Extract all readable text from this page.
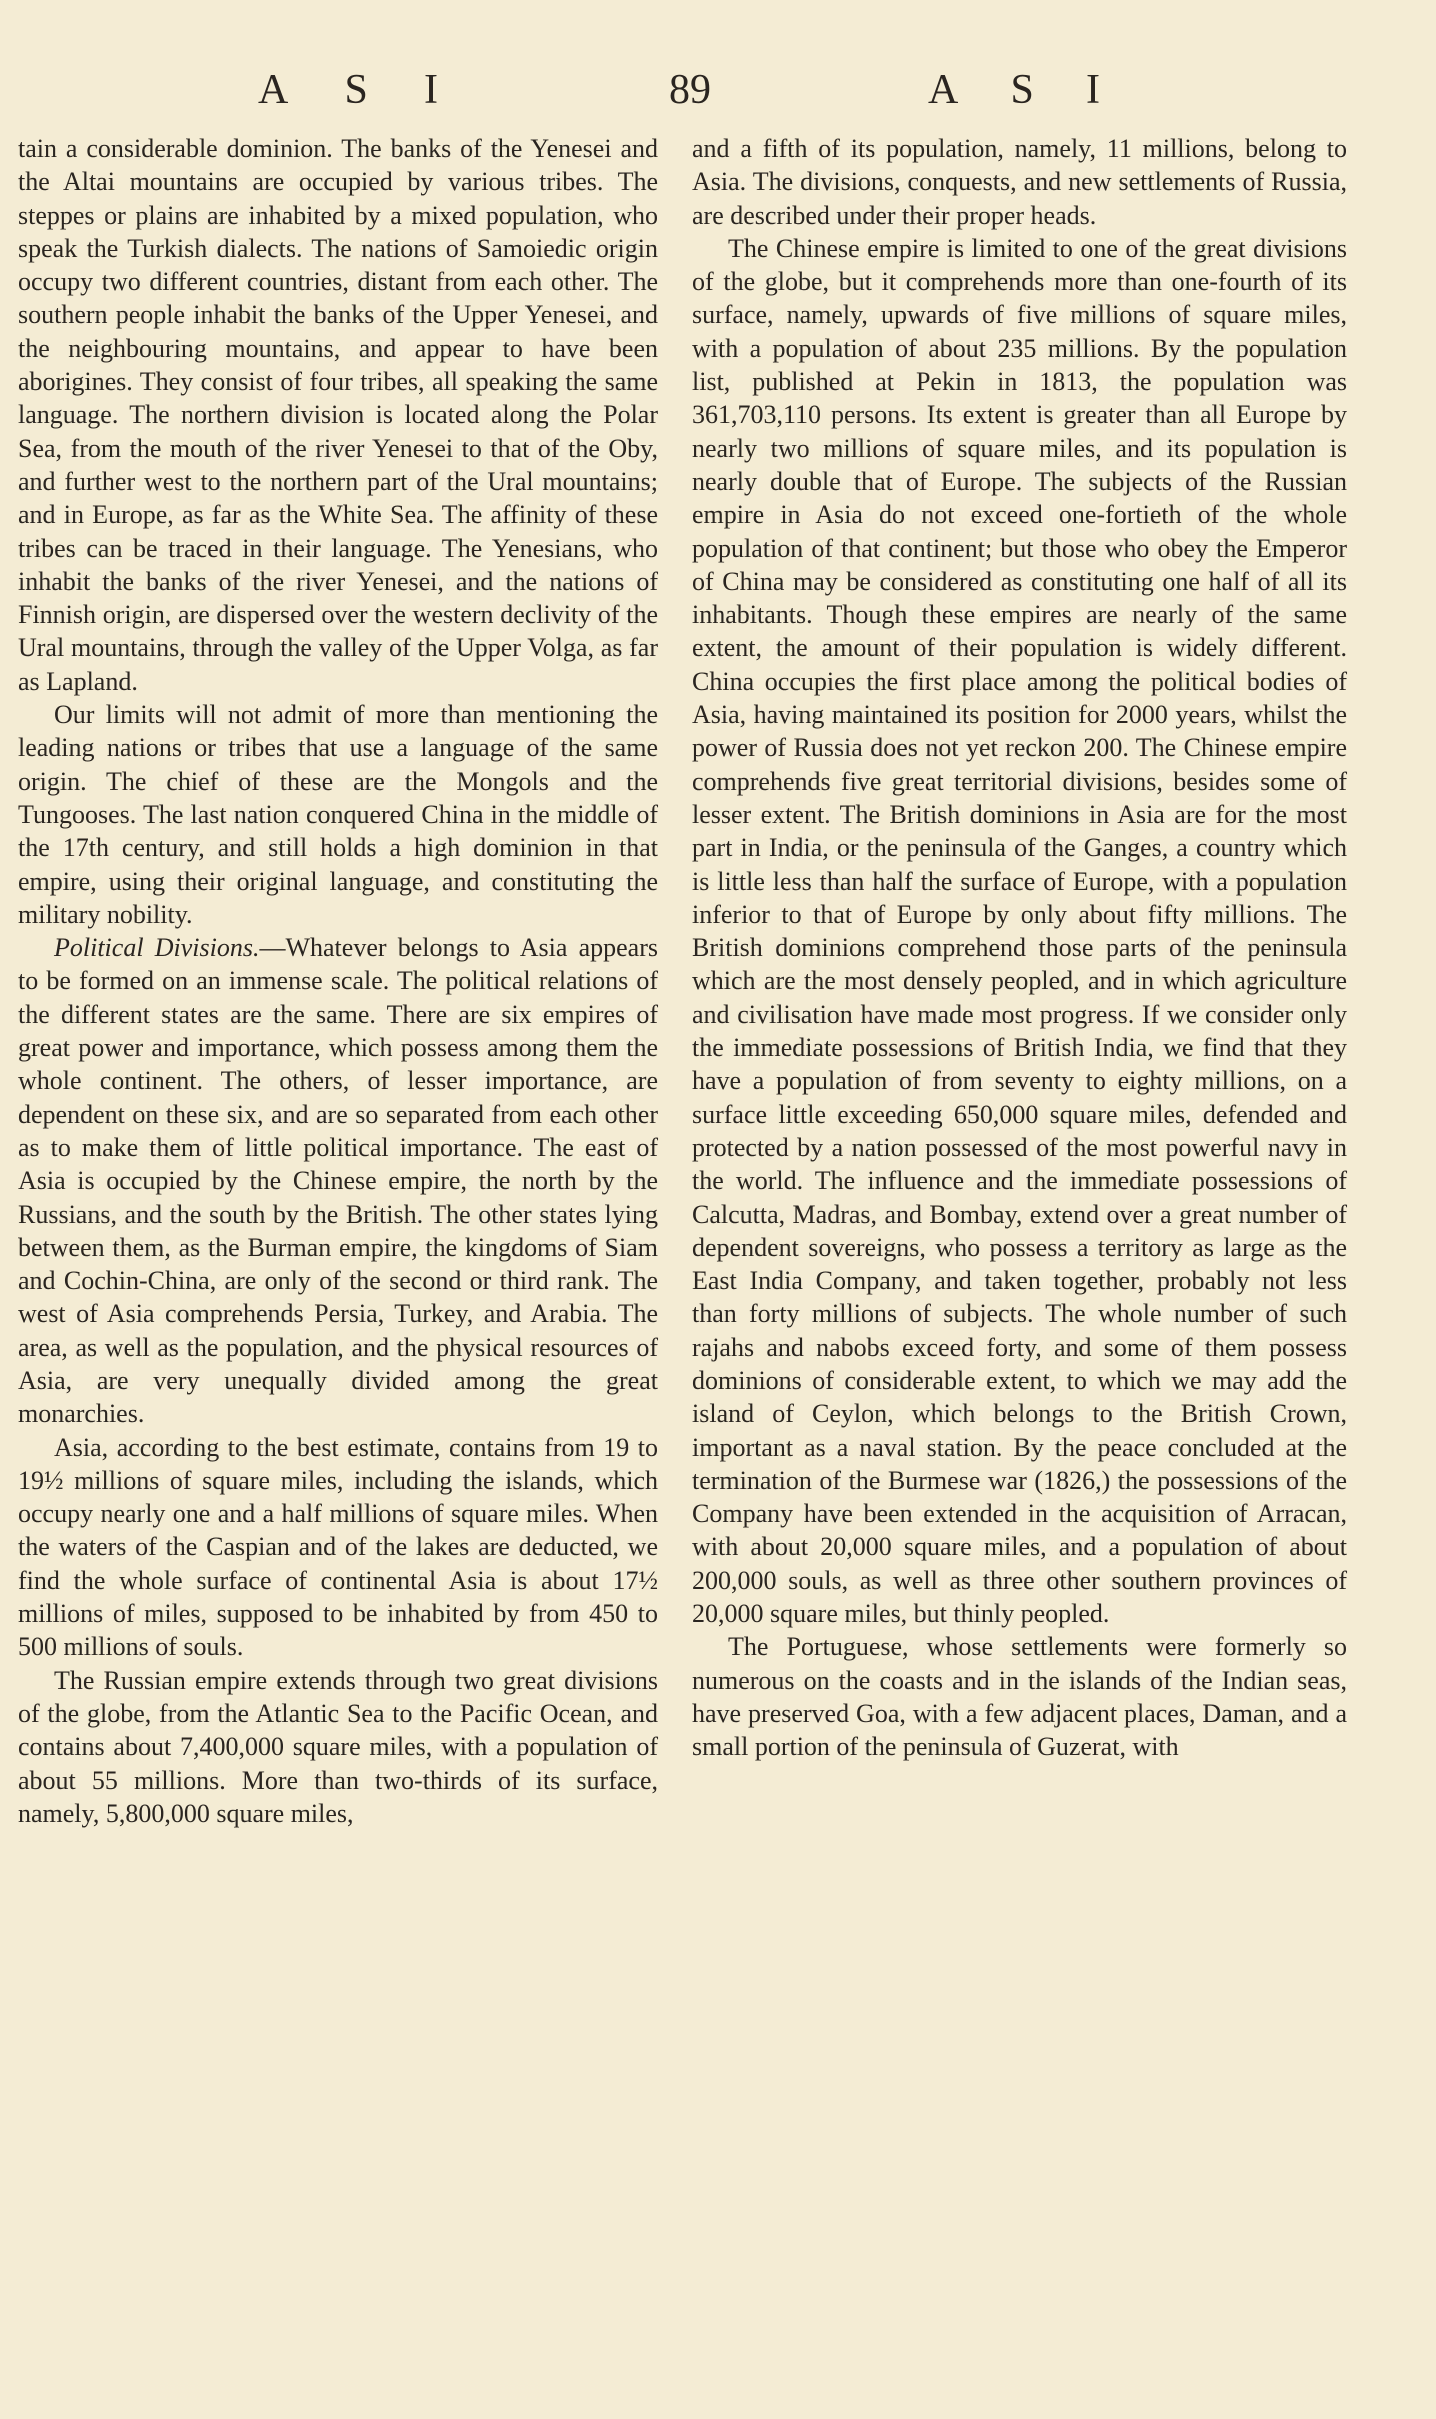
A S I	89	A S I

tain a considerable dominion. The banks of the Yenesei and the Altai mountains are occupied by various tribes. The steppes or plains are inhabited by a mixed population, who speak the Turkish dialects. The nations of Samoiedic origin occupy two different countries, distant from each other. The southern people inhabit the banks of the Upper Yenesei, and the neighbouring mountains, and appear to have been aborigines. They consist of four tribes, all speaking the same language. The northern division is located along the Polar Sea, from the mouth of the river Yenesei to that of the Oby, and further west to the northern part of the Ural mountains; and in Europe, as far as the White Sea. The affinity of these tribes can be traced in their language. The Yenesians, who inhabit the banks of the river Yenesei, and the nations of Finnish origin, are dispersed over the western declivity of the Ural mountains, through the valley of the Upper Volga, as far as Lapland.

Our limits will not admit of more than mentioning the leading nations or tribes that use a language of the same origin. The chief of these are the Mongols and the Tungooses. The last nation conquered China in the middle of the 17th century, and still holds a high dominion in that empire, using their original language, and constituting the military nobility.

Political Divisions.—Whatever belongs to Asia appears to be formed on an immense scale. The political relations of the different states are the same. There are six empires of great power and importance, which possess among them the whole continent. The others, of lesser importance, are dependent on these six, and are so separated from each other as to make them of little political importance. The east of Asia is occupied by the Chinese empire, the north by the Russians, and the south by the British. The other states lying between them, as the Burman empire, the kingdoms of Siam and Cochin-China, are only of the second or third rank. The west of Asia comprehends Persia, Turkey, and Arabia. The area, as well as the population, and the physical resources of Asia, are very unequally divided among the great monarchies.

Asia, according to the best estimate, contains from 19 to 19½ millions of square miles, including the islands, which occupy nearly one and a half millions of square miles. When the waters of the Caspian and of the lakes are deducted, we find the whole surface of continental Asia is about 17½ millions of miles, supposed to be inhabited by from 450 to 500 millions of souls.

The Russian empire extends through two great divisions of the globe, from the Atlantic Sea to the Pacific Ocean, and contains about 7,400,000 square miles, with a population of about 55 millions. More than two-thirds of its surface, namely, 5,800,000 square miles,

and a fifth of its population, namely, 11 millions, belong to Asia. The divisions, conquests, and new settlements of Russia, are described under their proper heads.

The Chinese empire is limited to one of the great divisions of the globe, but it comprehends more than one-fourth of its surface, namely, upwards of five millions of square miles, with a population of about 235 millions. By the population list, published at Pekin in 1813, the population was 361,703,110 persons. Its extent is greater than all Europe by nearly two millions of square miles, and its population is nearly double that of Europe. The subjects of the Russian empire in Asia do not exceed one-fortieth of the whole population of that continent; but those who obey the Emperor of China may be considered as constituting one half of all its inhabitants. Though these empires are nearly of the same extent, the amount of their population is widely different. China occupies the first place among the political bodies of Asia, having maintained its position for 2000 years, whilst the power of Russia does not yet reckon 200. The Chinese empire comprehends five great territorial divisions, besides some of lesser extent. The British dominions in Asia are for the most part in India, or the peninsula of the Ganges, a country which is little less than half the surface of Europe, with a population inferior to that of Europe by only about fifty millions. The British dominions comprehend those parts of the peninsula which are the most densely peopled, and in which agriculture and civilisation have made most progress. If we consider only the immediate possessions of British India, we find that they have a population of from seventy to eighty millions, on a surface little exceeding 650,000 square miles, defended and protected by a nation possessed of the most powerful navy in the world. The influence and the immediate possessions of Calcutta, Madras, and Bombay, extend over a great number of dependent sovereigns, who possess a territory as large as the East India Company, and taken together, probably not less than forty millions of subjects. The whole number of such rajahs and nabobs exceed forty, and some of them possess dominions of considerable extent, to which we may add the island of Ceylon, which belongs to the British Crown, important as a naval station. By the peace concluded at the termination of the Burmese war (1826,) the possessions of the Company have been extended in the acquisition of Arracan, with about 20,000 square miles, and a population of about 200,000 souls, as well as three other southern provinces of 20,000 square miles, but thinly peopled.

The Portuguese, whose settlements were formerly so numerous on the coasts and in the islands of the Indian seas, have preserved Goa, with a few adjacent places, Daman, and a small portion of the peninsula of Guzerat, with
